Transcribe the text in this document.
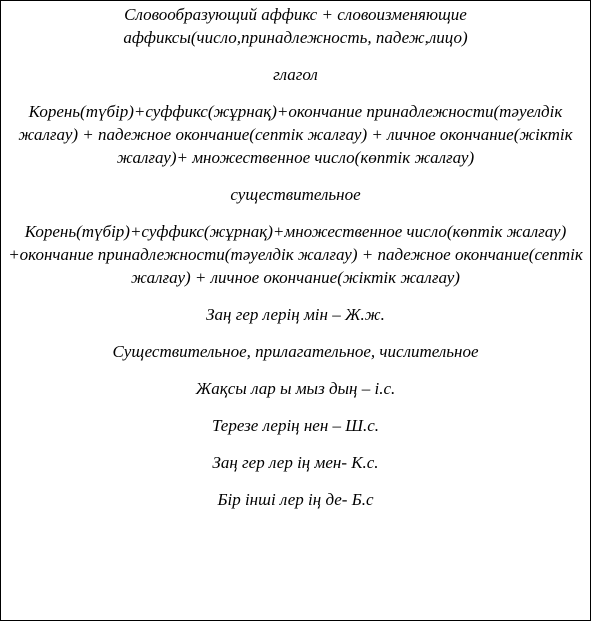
Словообразующий аффикс + словоизменяющие аффиксы(число,принадлежность, падеж,лицо)

глагол

Корень(түбір)+суффикс(жұрнақ)+окончание принадлежности(тәуелдік жалғау) + падежное окончание(септік жалғау) + личное окончание(жіктік жалғау)+ множественное число(көптік жалғау)

существительное

Корень(түбір)+суффикс(жұрнақ)+множественное число(көптік жалғау) +окончание принадлежности(тәуелдік жалғау) + падежное окончание(септік жалғау) + личное окончание(жіктік жалғау)

Заң гер лерің мін – Ж.ж.

Существительное, прилагательное, числительное

Жақсы лар ы мыз дың – і.с.

Терезе лерің нен – Ш.с.

Заң гер лер ің мен- К.с.

Бір інші лер ің де- Б.с
